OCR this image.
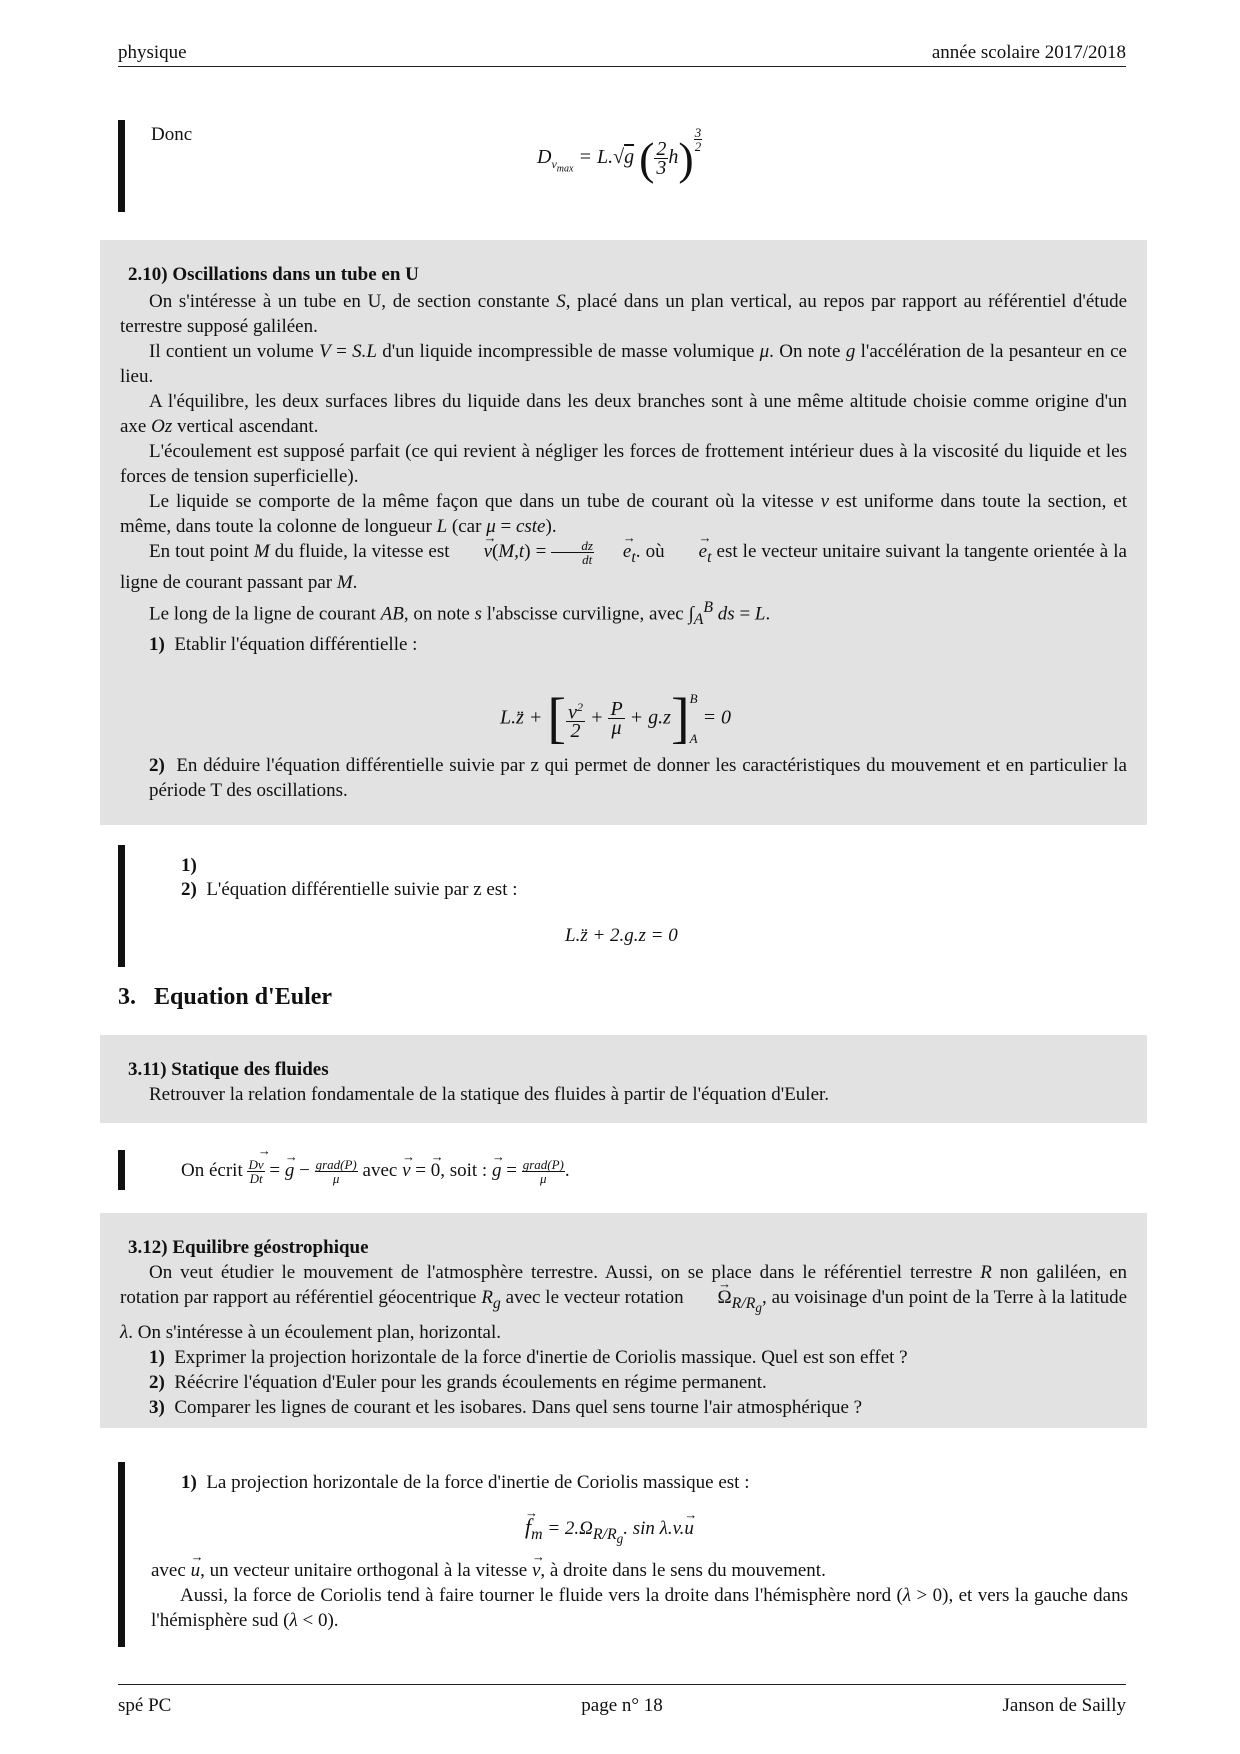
physique	année scolaire 2017/2018
Donc
$D_{v_{max}} = L.√g$ ( $\frac{2}{3} h$) $^{\frac{3}{2}}$

2.10) Oscillations dans un tube en U

On s'intéresse à un tube en U, de section constante S, placé dans un plan vertical, au repos par rapport au référentiel d'étude terrestre supposé galiléen.

Il contient un volume V = S.L d'un liquide incompressible de masse volumique μ. On note g l'accélération de la pesanteur en ce lieu.

A l'équilibre, les deux surfaces libres du liquide dans les deux branches sont à une même altitude choisie comme origine d'un axe Oz vertical ascendant.

L'écoulement est supposé parfait (ce qui revient à négliger les forces de frottement intérieur dues à la viscosité du liquide et les forces de tension superficielle).

Le liquide se comporte de la même façon que dans un tube de courant où la vitesse v est uniforme dans toute la section, et même, dans toute la colonne de longueur L (car μ = cste).

En tout point M du fluide, la vitesse est $v \to(M,t) = \frac{dz}{dt}$ $e \to_t$. où $e \to_t$ est le vecteur unitaire suivant la tangente orientée à la ligne de courant passant par M.

Le long de la ligne de courant AB, on note s l'abscisse curviligne, avec $\int_A^B$ ds = L.

1) Etablir l'équation différentielle :

L.z̈ + [ $\frac{v^2}{2} + \frac{P}{\mu} + g.z$] B
A
= 0

2) En déduire l'équation différentielle suivie par z qui permet de donner les caractéristiques du mouvement et en particulier la période T des oscillations.

1)
2) L'équation différentielle suivie par z est :
L.z̈ + 2.g.z = 0
3. Equation d'Euler

3.11) Statique des fluides

Retrouver la relation fondamentale de la statique des fluides à partir de l'équation d'Euler.

On écrit $\frac{Dv \to}{Dt} = g$ → − grad(P)
μ	avec v → = 0 →, soit : g → = grad(P)
μ .

3.12) Equilibre géostrophique

On veut étudier le mouvement de l'atmosphère terrestre. Aussi, on se place dans le référentiel terrestre R non galiléen, en rotation par rapport au référentiel géocentrique $R_g$ avec le vecteur rotation $\Omega \to_{R/R_g}$, au voisinage d'un point de la Terre à la latitude λ. On s'intéresse à un écoulement plan, horizontal.

1) Exprimer la projection horizontale de la force d'inertie de Coriolis massique. Quel est son effet ?

2) Réécrire l'équation d'Euler pour les grands écoulements en régime permanent.

3) Comparer les lignes de courant et les isobares. Dans quel sens tourne l'air atmosphérique ?

1) La projection horizontale de la force d'inertie de Coriolis massique est :
$f \to_m = 2.\Omega_{R/R_g}$. sin λ.v.u →

avec u →, un vecteur unitaire orthogonal à la vitesse v →, à droite dans le sens du mouvement.

Aussi, la force de Coriolis tend à faire tourner le fluide vers la droite dans l'hémisphère nord (λ > 0), et vers la gauche dans l'hémisphère sud (λ < 0).

spé PC	page n° 18	Janson de Sailly
